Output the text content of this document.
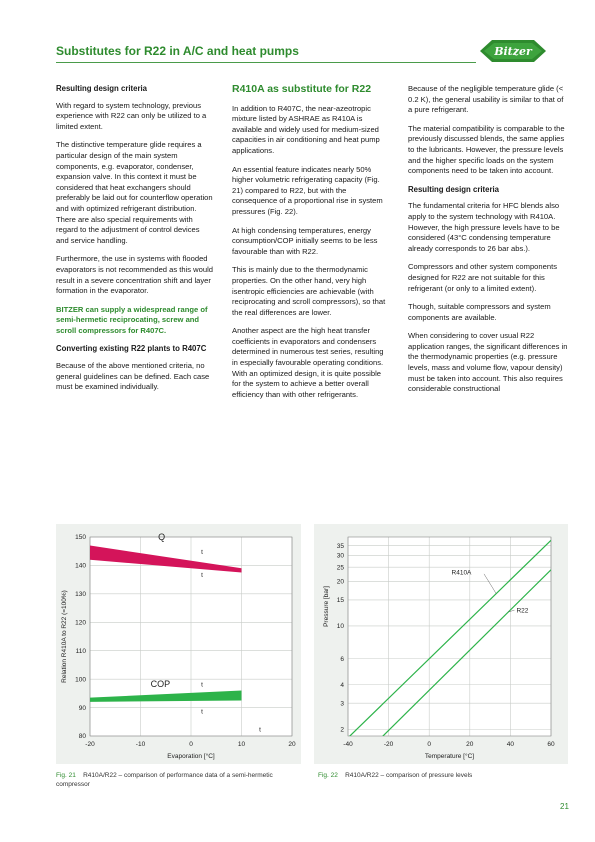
Substitutes for R22 in A/C and heat pumps	Bitzer
Resulting design criteria

With regard to system technology, previous experience with R22 can only be utilized to a limited extent.

The distinctive temperature glide requires a particular design of the main system components, e.g. evaporator, condenser, expansion valve. In this context it must be considered that heat exchangers should preferably be laid out for counterflow operation and with optimized refrigerant distribution. There are also special requirements with regard to the adjustment of control devices and service handling.

Furthermore, the use in systems with flooded evaporators is not recommended as this would result in a severe concentration shift and layer formation in the evaporator.

BITZER can supply a widespread range of semi-hermetic reciprocating, screw and scroll compressors for R407C.

Converting existing R22 plants to R407C

Because of the above mentioned criteria, no general guidelines can be defined. Each case must be examined individually.

R410A as substitute for R22

In addition to R407C, the near-azeotropic mixture listed by ASHRAE as R410A is available and widely used for medium-sized capacities in air conditioning and heat pump applications.

An essential feature indicates nearly 50% higher volumetric refrigerating capacity (Fig. 21) compared to R22, but with the consequence of a proportional rise in system pressures (Fig. 22).

At high condensing temperatures, energy consumption/COP initially seems to be less favourable than with R22.

This is mainly due to the thermodynamic properties. On the other hand, very high isentropic efficiencies are achievable (with reciprocating and scroll compressors), so that the real differences are lower.

Another aspect are the high heat transfer coefficients in evaporators and condensers determined in numerous test series, resulting in especially favourable operating conditions. With an optimized design, it is quite possible for the system to achieve a better overall efficiency than with other refrigerants.

Because of the negligible temperature glide (< 0.2 K), the general usability is similar to that of a pure refrigerant.

The material compatibility is comparable to the previously discussed blends, the same applies to the lubricants. However, the pressure levels and the higher specific loads on the system components need to be taken into account.

Resulting design criteria

The fundamental criteria for HFC blends also apply to the system technology with R410A. However, the high pressure levels have to be considered (43°C condensing temperature already corresponds to 26 bar abs.).

Compressors and other system components designed for R22 are not suitable for this refrigerant (or only to a limited extent).

Though, suitable compressors and system components are available.

When considering to cover usual R22 application ranges, the significant differences in the thermodynamic properties (e.g. pressure levels, mass and volume flow, vapour density) must be taken into account. This also requires considerable constructional

80
90
100
110
120
130
140
150
-20	-10	0	10	20
Q
COP
t
t
t
t
t
Evaporation [°C]
Relation R410A to R22 (=100%)
2
3
4
6
10
15
20
25
30
35
-40	-20	0	20	40	60
R410A
R22
Temperature [°C]
Pressure [bar]
Fig. 21 R410A/R22 – comparison of performance data of a semi-hermetic compressor
Fig. 22 R410A/R22 – comparison of pressure levels
21
